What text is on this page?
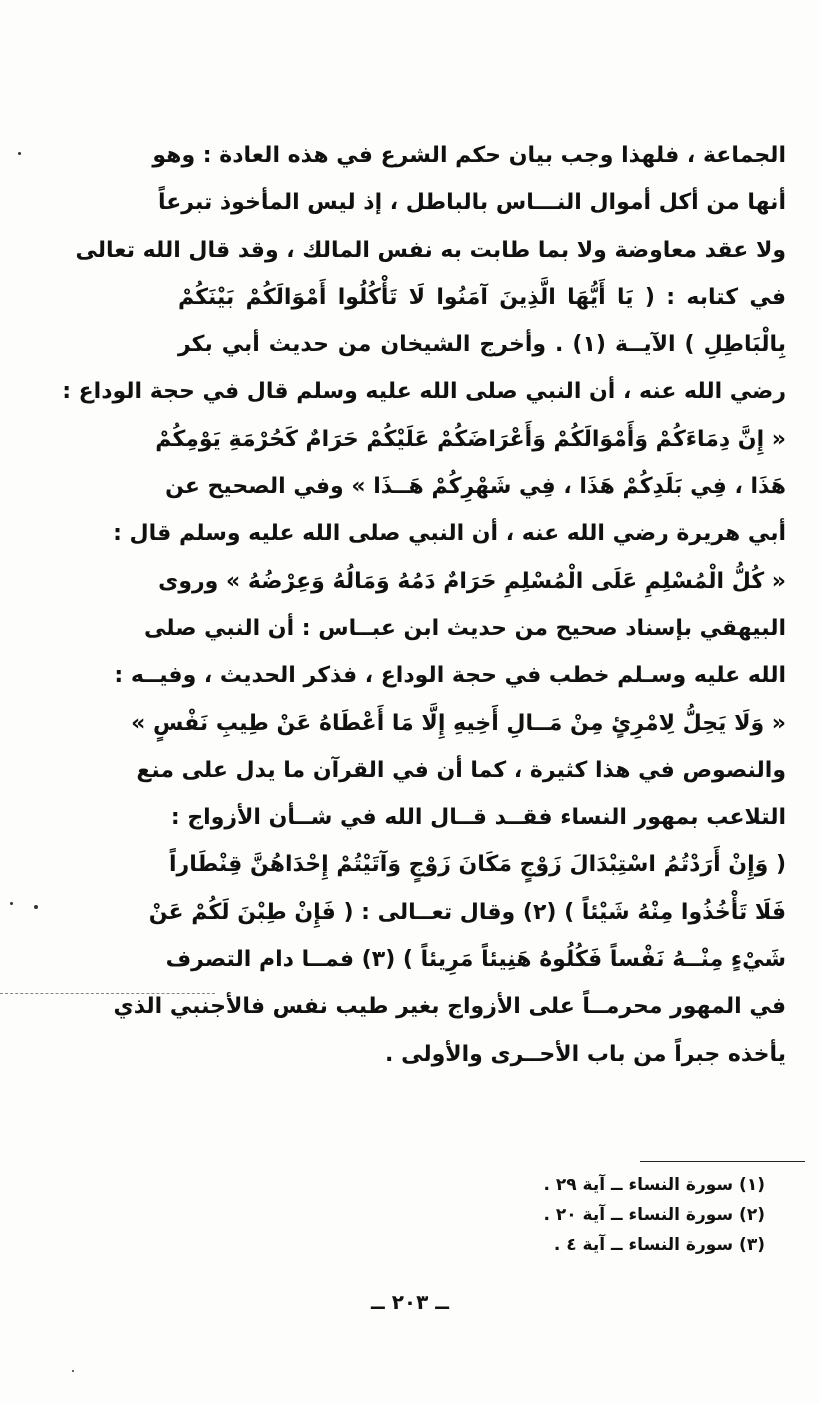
الجماعة ، فلهذا وجب بيان حكم الشرع في هذه العادة : وهو
أنها من أكل أموال النـــاس بالباطل ، إذ ليس المأخوذ تبرعاً
ولا عقد معاوضة ولا بما طابت به نفس المالك ، وقد قال الله تعالى
في كتابه : ( يَا أَيُّهَا الَّذِينَ آمَنُوا لَا تَأْكُلُوا أَمْوَالَكُمْ بَيْنَكُمْ
بِالْبَاطِلِ ) الآيــة (١) . وأخرج الشيخان من حديث أبي بكر
رضي الله عنه ، أن النبي صلى الله عليه وسلم قال في حجة الوداع :
« إِنَّ دِمَاءَكُمْ وَأَمْوَالَكُمْ وَأَعْرَاضَكُمْ عَلَيْكُمْ حَرَامٌ كَحُرْمَةِ يَوْمِكُمْ
هَذَا ، فِي بَلَدِكُمْ هَذَا ، فِي شَهْرِكُمْ هَــذَا » وفي الصحيح عن
أبي هريرة رضي الله عنه ، أن النبي صلى الله عليه وسلم قال :
« كُلُّ الْمُسْلِمِ عَلَى الْمُسْلِمِ حَرَامٌ دَمُهُ وَمَالُهُ وَعِرْضُهُ » وروى
البيهقي بإسناد صحيح من حديث ابن عبــاس : أن النبي صلى
الله عليه وسـلم خطب في حجة الوداع ، فذكر الحديث ، وفيــه :
« وَلَا يَحِلُّ لِامْرِئٍ مِنْ مَــالِ أَخِيهِ إِلَّا مَا أَعْطَاهُ عَنْ طِيبِ نَفْسٍ »
والنصوص في هذا كثيرة ، كما أن في القرآن ما يدل على منع
التلاعب بمهور النساء فقــد قــال الله في شــأن الأزواج :
( وَإِنْ أَرَدْتُمُ اسْتِبْدَالَ زَوْجٍ مَكَانَ زَوْجٍ وَآتَيْتُمْ إِحْدَاهُنَّ قِنْطَاراً
فَلَا تَأْخُذُوا مِنْهُ شَيْئاً ) (٢) وقال تعــالى : ( فَإِنْ طِبْنَ لَكُمْ عَنْ
شَيْءٍ مِنْــهُ نَفْساً فَكُلُوهُ هَنِيئاً مَرِيئاً ) (٣) فمــا دام التصرف
في المهور محرمــاً على الأزواج بغير طيب نفس فالأجنبي الذي
يأخذه جبراً من باب الأحــرى والأولى .
(١) سورة النساء ــ آية ٢٩ .
(٢) سورة النساء ــ آية ٢٠ .
(٣) سورة النساء ــ آية ٤ .
ــ ٢٠٣ ــ
